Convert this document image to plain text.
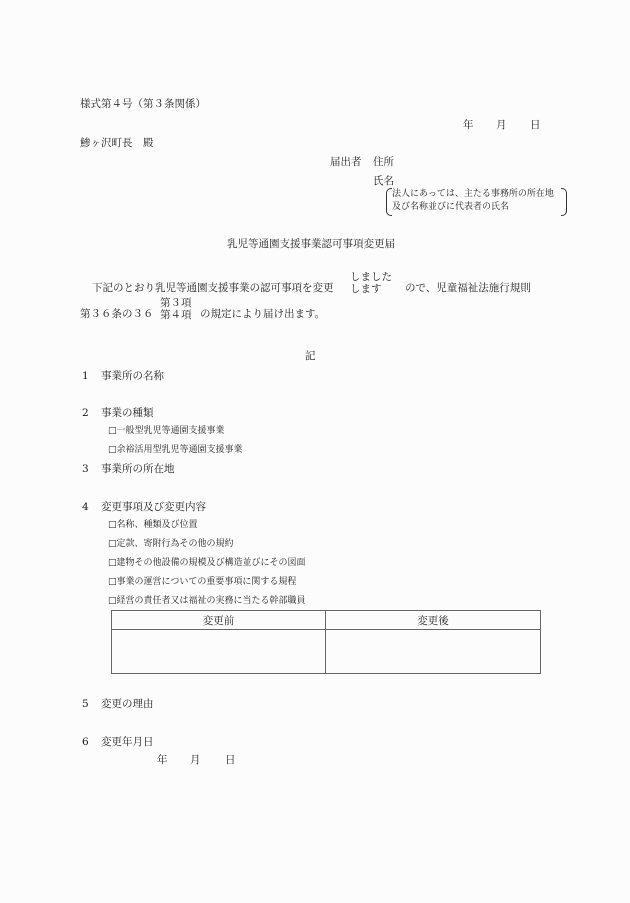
様式第４号（第３条関係）
年 月 日
鯵ヶ沢町長　殿
届出者 住所
氏名
法人にあっては、主たる事務所の所在地
及び名称並びに代表者の氏名
乳児等通園支援事業認可事項変更届
下記のとおり乳児等通園支援事業の認可事項を変更
しました
します	ので、児童福祉法施行規則
第３６条の３６
第３項
第４項 の規定により届け出ます。
記
1 事業所の名称
2 事業の種類
□一般型乳児等通園支援事業
□余裕活用型乳児等通園支援事業
3 事業所の所在地
4 変更事項及び変更内容
□名称、種類及び位置
□定款、寄附行為その他の規約
□建物その他設備の規模及び構造並びにその図面
□事業の運営についての重要事項に関する規程
□経営の責任者又は福祉の実務に当たる幹部職員
変更前	変更後

5 変更の理由
6 変更年月日
年 月 日
